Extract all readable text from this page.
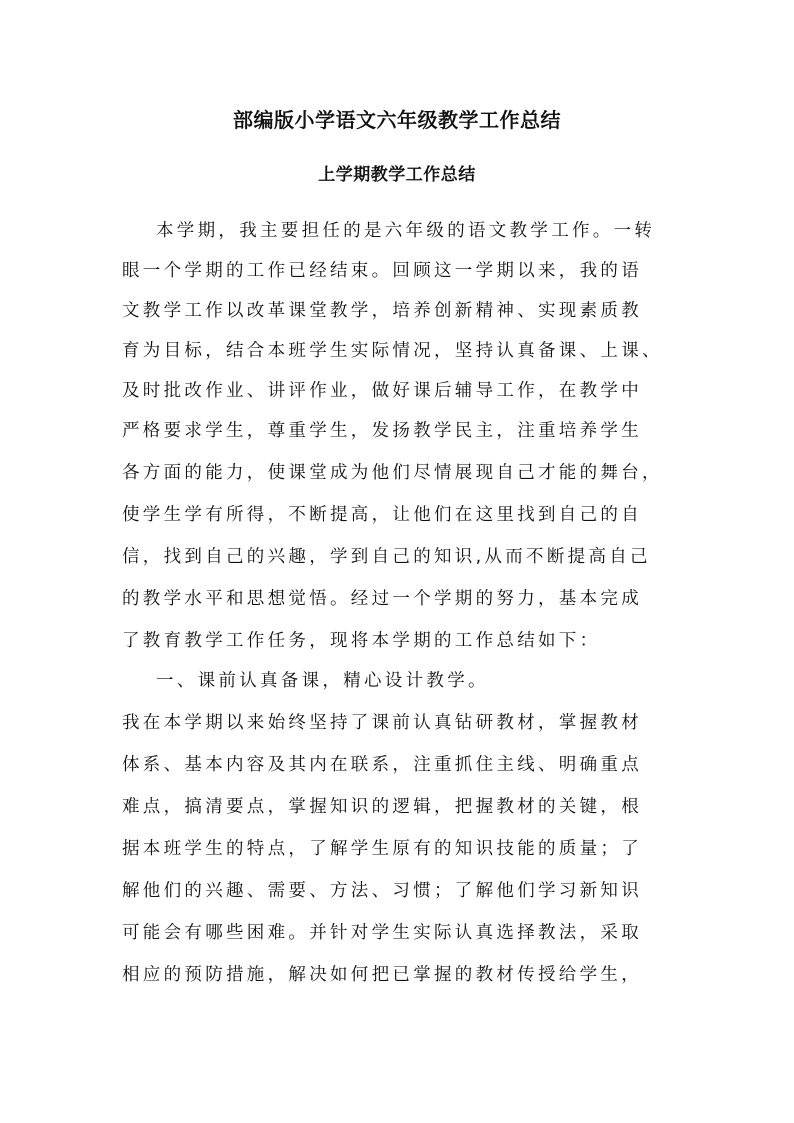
部编版小学语文六年级教学工作总结
上学期教学工作总结
本学期，我主要担任的是六年级的语文教学工作。一转
眼一个学期的工作已经结束。回顾这一学期以来，我的语
文教学工作以改革课堂教学，培养创新精神、实现素质教
育为目标，结合本班学生实际情况，坚持认真备课、上课、
及时批改作业、讲评作业，做好课后辅导工作，在教学中
严格要求学生，尊重学生，发扬教学民主，注重培养学生
各方面的能力，使课堂成为他们尽情展现自己才能的舞台，
使学生学有所得，不断提高，让他们在这里找到自己的自
信，找到自己的兴趣，学到自己的知识,从而不断提高自己
的教学水平和思想觉悟。经过一个学期的努力，基本完成
了教育教学工作任务，现将本学期的工作总结如下：
一、课前认真备课，精心设计教学。
我在本学期以来始终坚持了课前认真钻研教材，掌握教材
体系、基本内容及其内在联系，注重抓住主线、明确重点
难点，搞清要点，掌握知识的逻辑，把握教材的关键，根
据本班学生的特点，了解学生原有的知识技能的质量；了
解他们的兴趣、需要、方法、习惯；了解他们学习新知识
可能会有哪些困难。并针对学生实际认真选择教法，采取
相应的预防措施，解决如何把已掌握的教材传授给学生，
